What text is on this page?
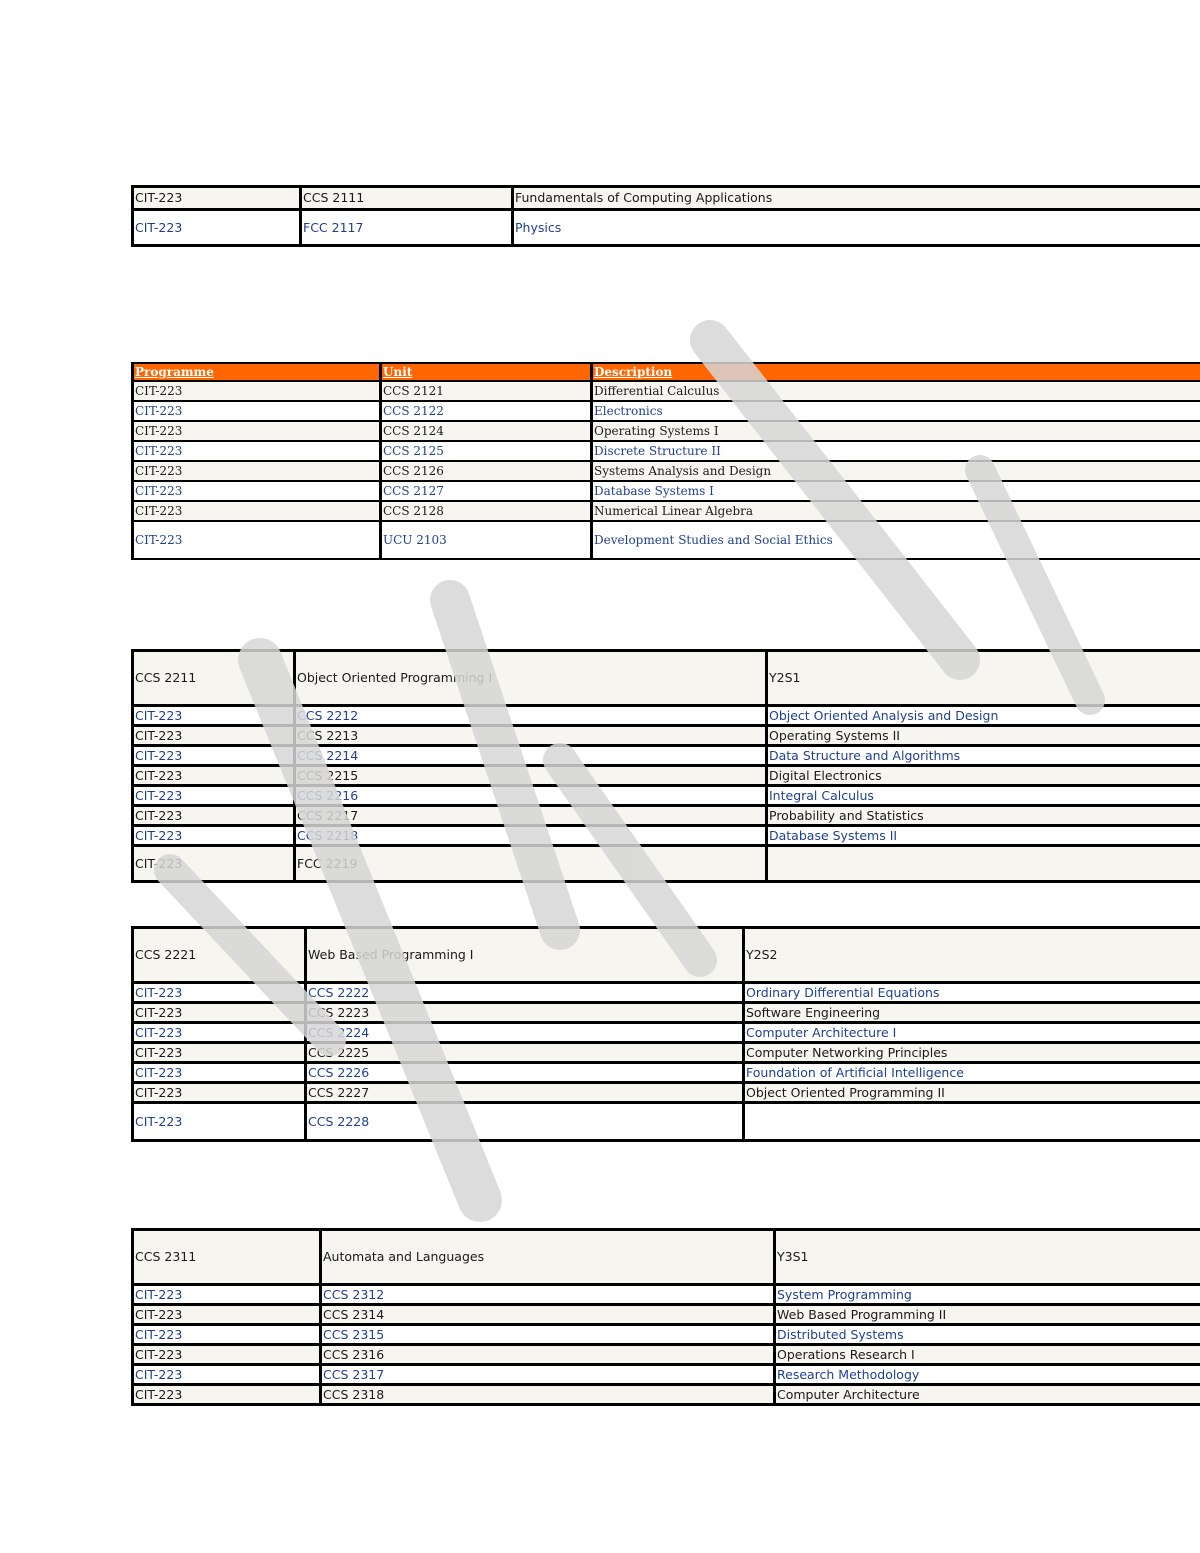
CIT-223	CCS 2111	Fundamentals of Computing Applications
CIT-223	FCC 2117	Physics
Programme	Unit	Description
CIT-223	CCS 2121	Differential Calculus
CIT-223	CCS 2122	Electronics
CIT-223	CCS 2124	Operating Systems I
CIT-223	CCS 2125	Discrete Structure II
CIT-223	CCS 2126	Systems Analysis and Design
CIT-223	CCS 2127	Database Systems I
CIT-223	CCS 2128	Numerical Linear Algebra
CIT-223	UCU 2103	Development Studies and Social Ethics
CCS 2211	Object Oriented Programming I	Y2S1
CIT-223	CCS 2212	Object Oriented Analysis and Design
CIT-223	CCS 2213	Operating Systems II
CIT-223	CCS 2214	Data Structure and Algorithms
CIT-223	CCS 2215	Digital Electronics
CIT-223	CCS 2216	Integral Calculus
CIT-223	CCS 2217	Probability and Statistics
CIT-223	CCS 2218	Database Systems II
CIT-223	FCC 2219	
CCS 2221	Web Based Programming I	Y2S2
CIT-223	CCS 2222	Ordinary Differential Equations
CIT-223	CCS 2223	Software Engineering
CIT-223	CCS 2224	Computer Architecture I
CIT-223	CCS 2225	Computer Networking Principles
CIT-223	CCS 2226	Foundation of Artificial Intelligence
CIT-223	CCS 2227	Object Oriented Programming II
CIT-223	CCS 2228	
CCS 2311	Automata and Languages	Y3S1
CIT-223	CCS 2312	System Programming
CIT-223	CCS 2314	Web Based Programming II
CIT-223	CCS 2315	Distributed Systems
CIT-223	CCS 2316	Operations Research I
CIT-223	CCS 2317	Research Methodology
CIT-223	CCS 2318	Computer Architecture
